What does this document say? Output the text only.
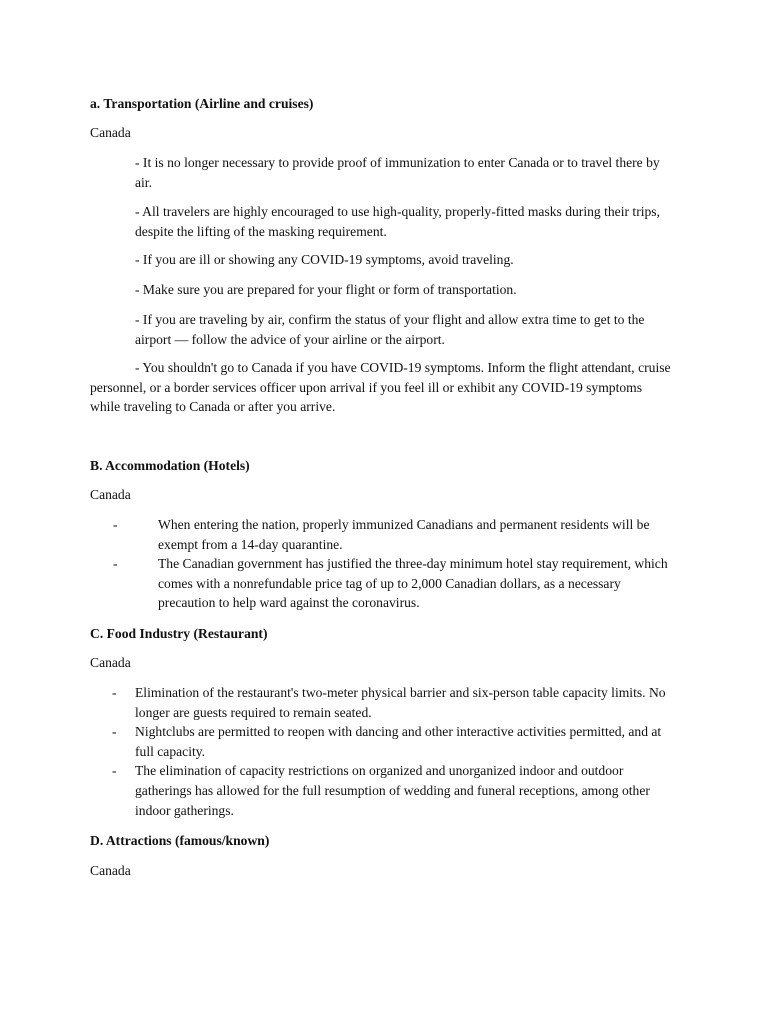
a. Transportation (Airline and cruises)

Canada

- It is no longer necessary to provide proof of immunization to enter Canada or to travel there by air.

- All travelers are highly encouraged to use high-quality, properly-fitted masks during their trips, despite the lifting of the masking requirement.

- If you are ill or showing any COVID-19 symptoms, avoid traveling.

- Make sure you are prepared for your flight or form of transportation.

- If you are traveling by air, confirm the status of your flight and allow extra time to get to the airport — follow the advice of your airline or the airport.

- You shouldn't go to Canada if you have COVID-19 symptoms. Inform the flight attendant, cruise personnel, or a border services officer upon arrival if you feel ill or exhibit any COVID-19 symptoms while traveling to Canada or after you arrive.

B. Accommodation (Hotels)

Canada

-	When entering the nation, properly immunized Canadians and permanent residents will be exempt from a 14-day quarantine.
-	The Canadian government has justified the three-day minimum hotel stay requirement, which comes with a nonrefundable price tag of up to 2,000 Canadian dollars, as a necessary precaution to help ward against the coronavirus.

C. Food Industry (Restaurant)

Canada

- Elimination of the restaurant's two-meter physical barrier and six-person table capacity limits. No longer are guests required to remain seated.
- Nightclubs are permitted to reopen with dancing and other interactive activities permitted, and at full capacity.
- The elimination of capacity restrictions on organized and unorganized indoor and outdoor gatherings has allowed for the full resumption of wedding and funeral receptions, among other indoor gatherings.

D. Attractions (famous/known)

Canada
